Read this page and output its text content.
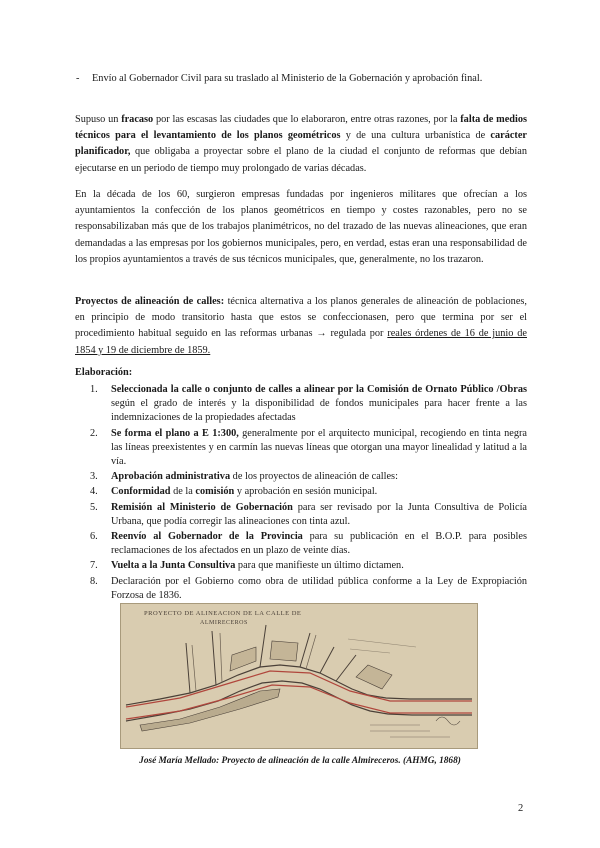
- Envío al Gobernador Civil para su traslado al Ministerio de la Gobernación y aprobación final.
Supuso un fracaso por las escasas las ciudades que lo elaboraron, entre otras razones, por la falta de medios técnicos para el levantamiento de los planos geométricos y de una cultura urbanística de carácter planificador, que obligaba a proyectar sobre el plano de la ciudad el conjunto de reformas que debían ejecutarse en un periodo de tiempo muy prolongado de varias décadas.
En la década de los 60, surgieron empresas fundadas por ingenieros militares que ofrecían a los ayuntamientos la confección de los planos geométricos en tiempo y costes razonables, pero no se responsabilizaban más que de los trabajos planimétricos, no del trazado de las nuevas alineaciones, que eran demandadas a las empresas por los gobiernos municipales, pero, en verdad, estas eran una responsabilidad de los propios ayuntamientos a través de sus técnicos municipales, que, generalmente, no los trazaron.
Proyectos de alineación de calles: técnica alternativa a los planos generales de alineación de poblaciones, en principio de modo transitorio hasta que estos se confeccionasen, pero que termina por ser el procedimiento habitual seguido en las reformas urbanas → regulada por reales órdenes de 16 de junio de 1854 y 19 de diciembre de 1859.
Elaboración:
1. Seleccionada la calle o conjunto de calles a alinear por la Comisión de Ornato Público /Obras según el grado de interés y la disponibilidad de fondos municipales para hacer frente a las indemnizaciones de la propiedades afectadas
2. Se forma el plano a E 1:300, generalmente por el arquitecto municipal, recogiendo en tinta negra las líneas preexistentes y en carmín las nuevas líneas que otorgan una mayor linealidad y latitud a la vía.
3. Aprobación administrativa de los proyectos de alineación de calles:
4. Conformidad de la comisión y aprobación en sesión municipal.
5. Remisión al Ministerio de Gobernación para ser revisado por la Junta Consultiva de Policía Urbana, que podía corregir las alineaciones con tinta azul.
6. Reenvío al Gobernador de la Provincia para su publicación en el B.O.P. para posibles reclamaciones de los afectados en un plazo de veinte días.
7. Vuelta a la Junta Consultiva para que manifieste un último dictamen.
8. Declaración por el Gobierno como obra de utilidad pública conforme a la Ley de Expropiación Forzosa de 1836.
PROYECTO DE ALINEACION DE LA CALLE DE
ALMIRECEROS
José María Mellado: Proyecto de alineación de la calle Almireceros. (AHMG, 1868)
2
